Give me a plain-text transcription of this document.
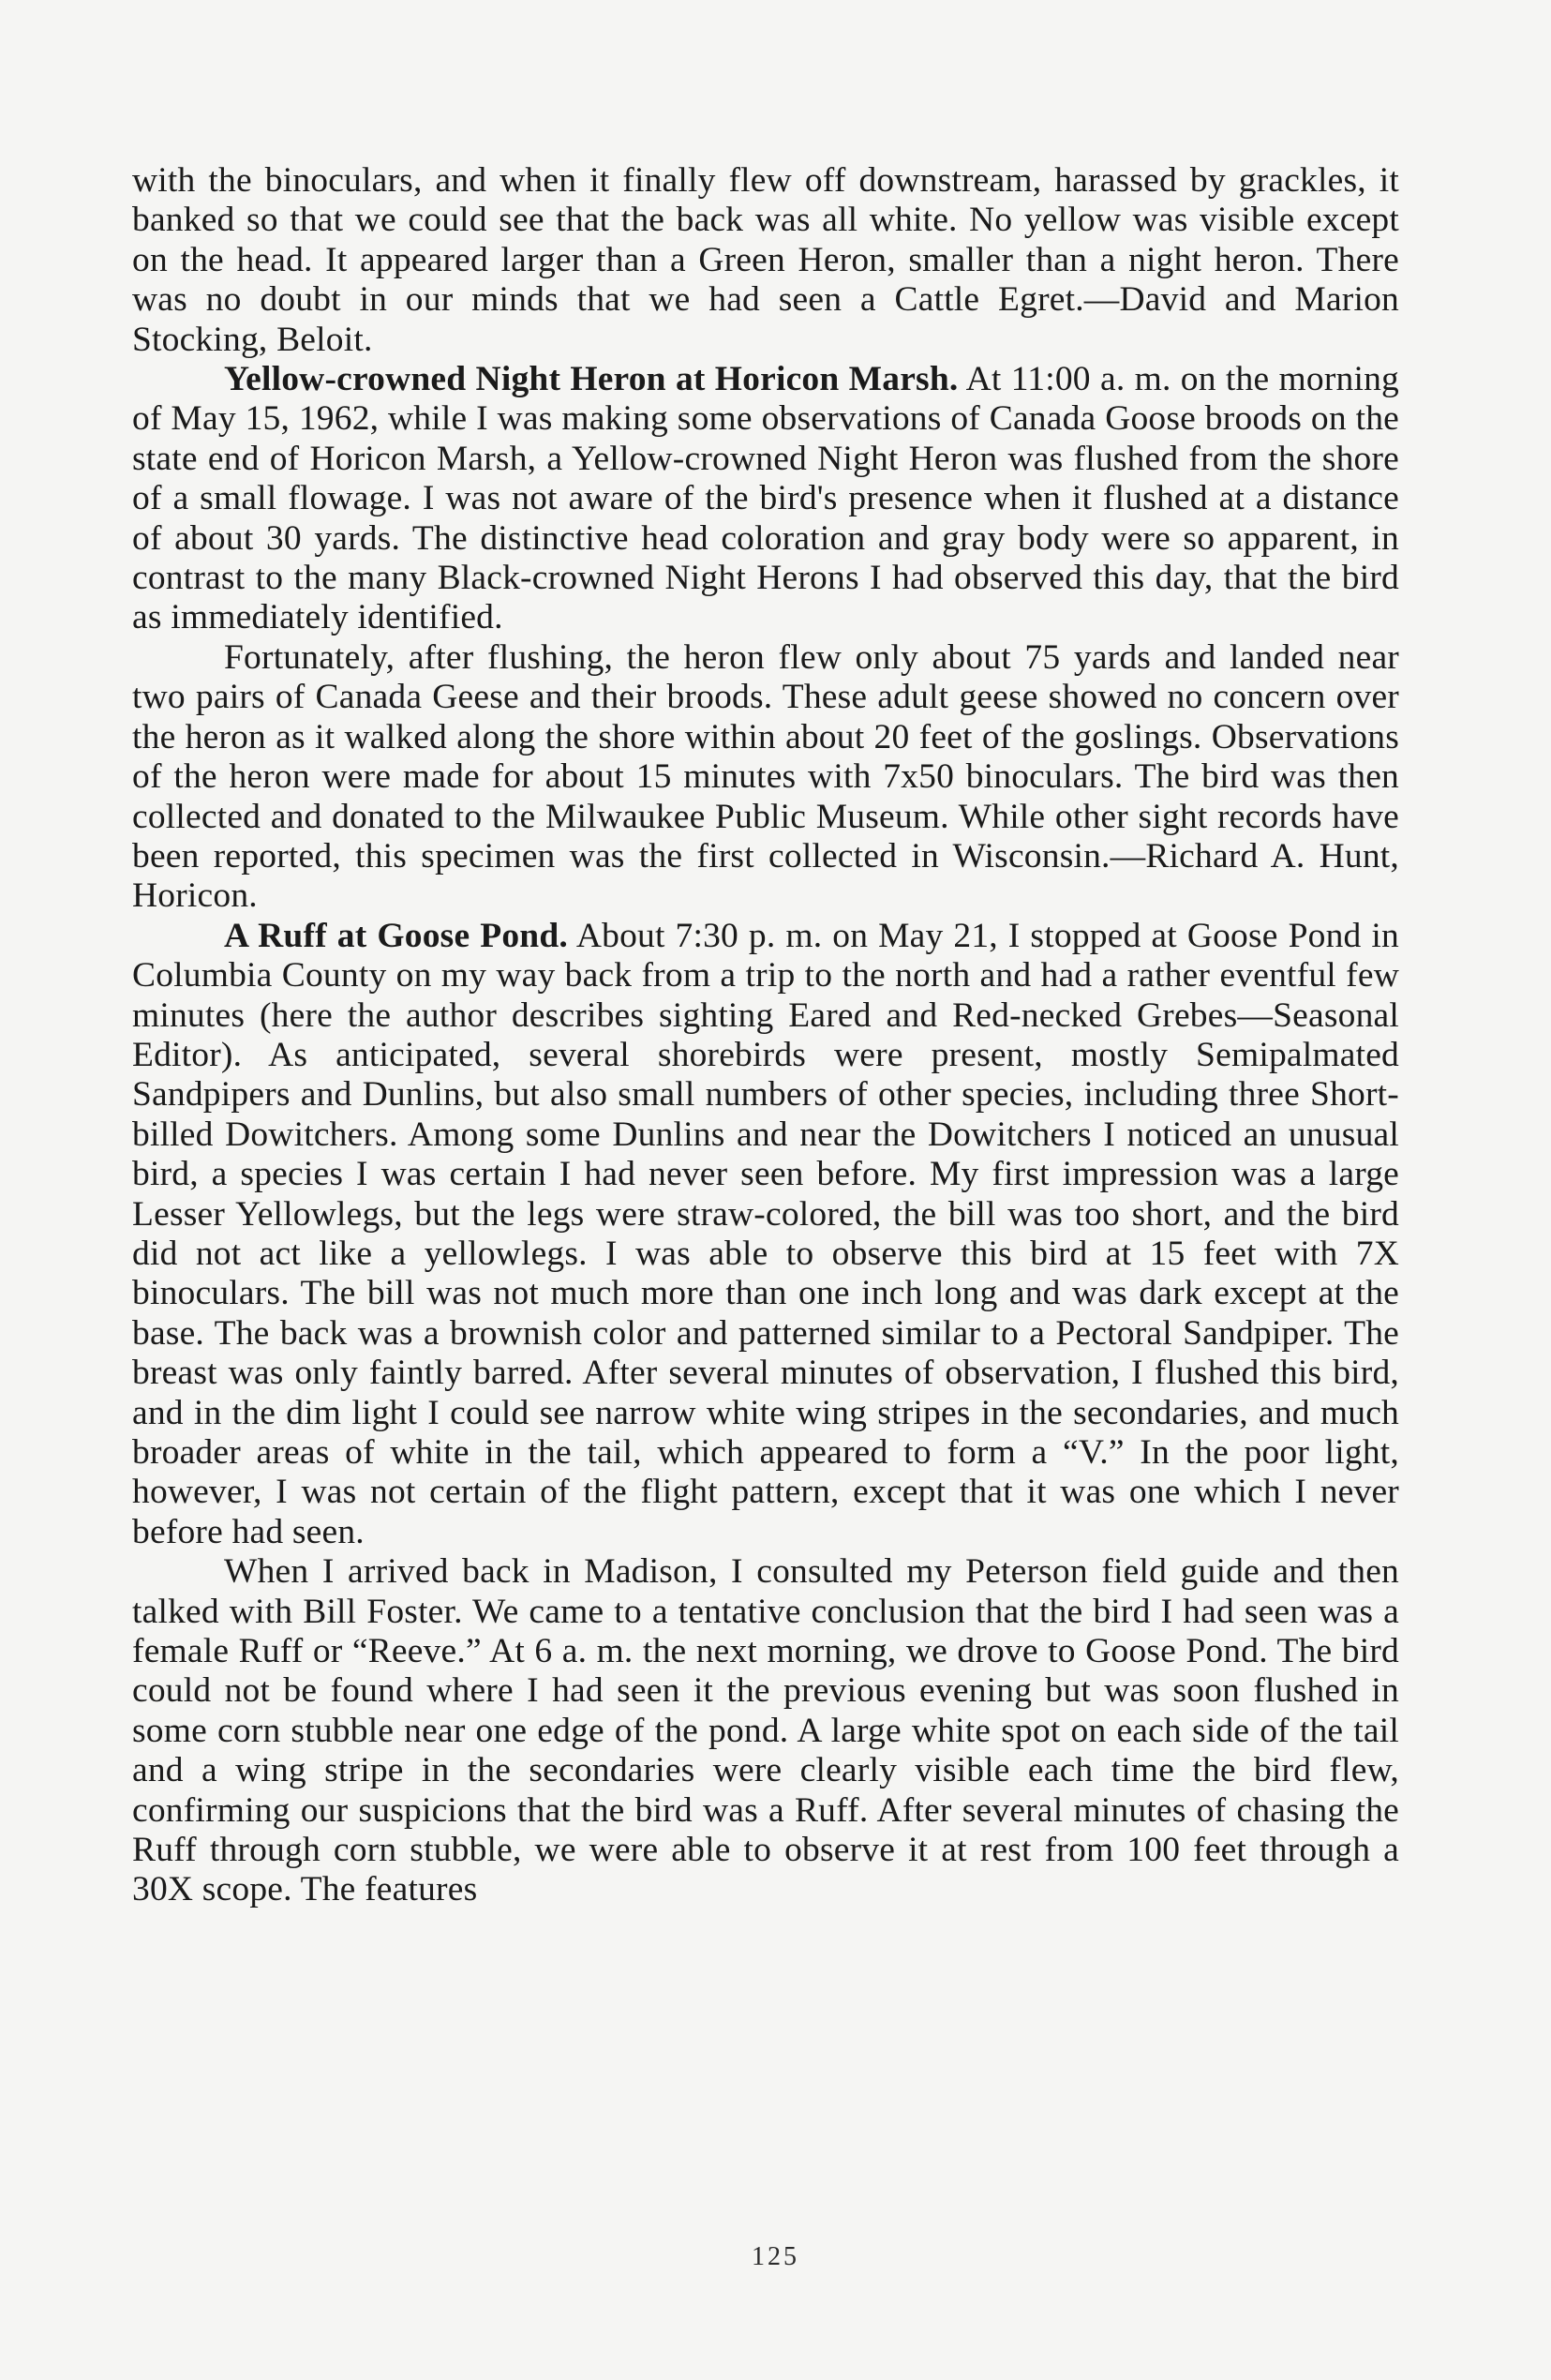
with the binoculars, and when it finally flew off downstream, harassed by grackles, it banked so that we could see that the back was all white. No yellow was visible except on the head. It appeared larger than a Green Heron, smaller than a night heron. There was no doubt in our minds that we had seen a Cattle Egret.—David and Marion Stocking, Beloit.

Yellow-crowned Night Heron at Horicon Marsh. At 11:00 a. m. on the morning of May 15, 1962, while I was making some observations of Canada Goose broods on the state end of Horicon Marsh, a Yellow-crowned Night Heron was flushed from the shore of a small flowage. I was not aware of the bird's presence when it flushed at a distance of about 30 yards. The distinctive head coloration and gray body were so apparent, in contrast to the many Black-crowned Night Herons I had observed this day, that the bird as immediately identified.

Fortunately, after flushing, the heron flew only about 75 yards and landed near two pairs of Canada Geese and their broods. These adult geese showed no concern over the heron as it walked along the shore within about 20 feet of the goslings. Observations of the heron were made for about 15 minutes with 7x50 binoculars. The bird was then collected and donated to the Milwaukee Public Museum. While other sight records have been reported, this specimen was the first collected in Wisconsin.—Richard A. Hunt, Horicon.

A Ruff at Goose Pond. About 7:30 p. m. on May 21, I stopped at Goose Pond in Columbia County on my way back from a trip to the north and had a rather eventful few minutes (here the author describes sighting Eared and Red-necked Grebes—Seasonal Editor). As anticipated, several shorebirds were present, mostly Semipalmated Sandpipers and Dunlins, but also small numbers of other species, including three Short-billed Dowitchers. Among some Dunlins and near the Dowitchers I noticed an unusual bird, a species I was certain I had never seen before. My first impression was a large Lesser Yellowlegs, but the legs were straw-colored, the bill was too short, and the bird did not act like a yellowlegs. I was able to observe this bird at 15 feet with 7X binoculars. The bill was not much more than one inch long and was dark except at the base. The back was a brownish color and patterned similar to a Pectoral Sandpiper. The breast was only faintly barred. After several minutes of observation, I flushed this bird, and in the dim light I could see narrow white wing stripes in the secondaries, and much broader areas of white in the tail, which appeared to form a “V.” In the poor light, however, I was not certain of the flight pattern, except that it was one which I never before had seen.

When I arrived back in Madison, I consulted my Peterson field guide and then talked with Bill Foster. We came to a tentative conclusion that the bird I had seen was a female Ruff or “Reeve.” At 6 a. m. the next morning, we drove to Goose Pond. The bird could not be found where I had seen it the previous evening but was soon flushed in some corn stubble near one edge of the pond. A large white spot on each side of the tail and a wing stripe in the secondaries were clearly visible each time the bird flew, confirming our suspicions that the bird was a Ruff. After several minutes of chasing the Ruff through corn stubble, we were able to observe it at rest from 100 feet through a 30X scope. The features

125
